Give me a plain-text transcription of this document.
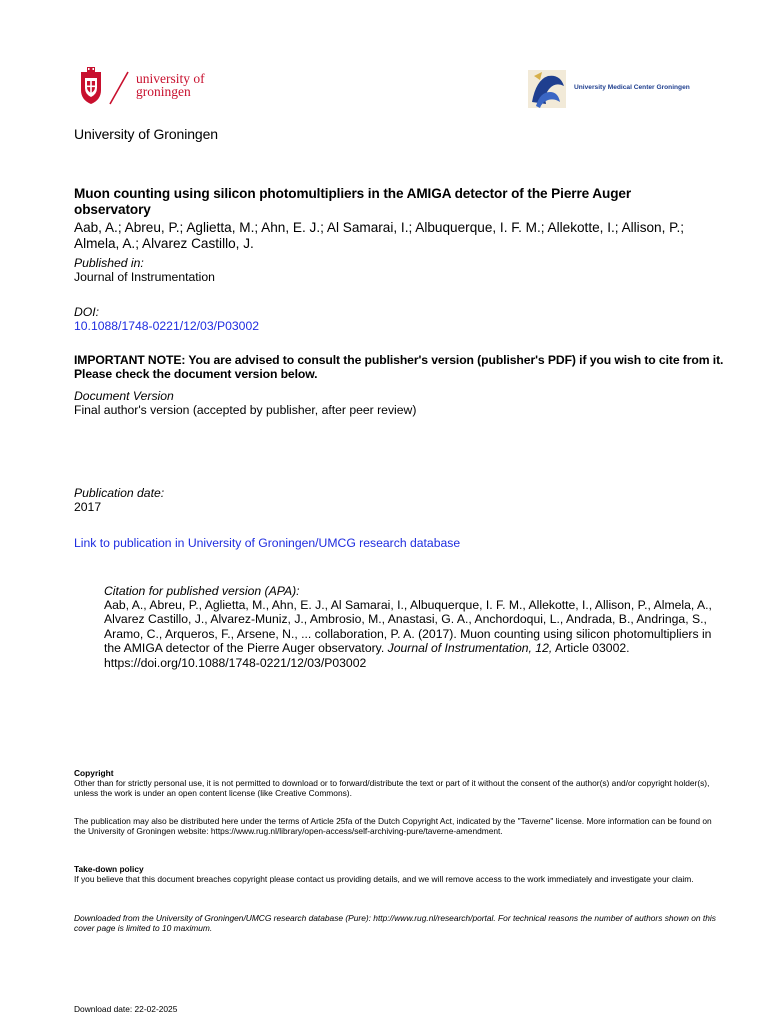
university of
groningen	University Medical Center Groningen
University of Groningen
Muon counting using silicon photomultipliers in the AMIGA detector of the Pierre Auger observatory
Aab, A.; Abreu, P.; Aglietta, M.; Ahn, E. J.; Al Samarai, I.; Albuquerque, I. F. M.; Allekotte, I.; Allison, P.; Almela, A.; Alvarez Castillo, J.
Published in:
Journal of Instrumentation
DOI:
10.1088/1748-0221/12/03/P03002
IMPORTANT NOTE: You are advised to consult the publisher's version (publisher's PDF) if you wish to cite from it. Please check the document version below.
Document Version
Final author's version (accepted by publisher, after peer review)
Publication date:
2017
Link to publication in University of Groningen/UMCG research database
Citation for published version (APA):
Aab, A., Abreu, P., Aglietta, M., Ahn, E. J., Al Samarai, I., Albuquerque, I. F. M., Allekotte, I., Allison, P., Almela, A., Alvarez Castillo, J., Alvarez-Muniz, J., Ambrosio, M., Anastasi, G. A., Anchordoqui, L., Andrada, B., Andringa, S., Aramo, C., Arqueros, F., Arsene, N., ... collaboration, P. A. (2017). Muon counting using silicon photomultipliers in the AMIGA detector of the Pierre Auger observatory. Journal of Instrumentation, 12, Article 03002. https://doi.org/10.1088/1748-0221/12/03/P03002
Copyright
Other than for strictly personal use, it is not permitted to download or to forward/distribute the text or part of it without the consent of the author(s) and/or copyright holder(s), unless the work is under an open content license (like Creative Commons).
The publication may also be distributed here under the terms of Article 25fa of the Dutch Copyright Act, indicated by the "Taverne" license. More information can be found on the University of Groningen website: https://www.rug.nl/library/open-access/self-archiving-pure/taverne-amendment.
Take-down policy
If you believe that this document breaches copyright please contact us providing details, and we will remove access to the work immediately and investigate your claim.
Downloaded from the University of Groningen/UMCG research database (Pure): http://www.rug.nl/research/portal. For technical reasons the number of authors shown on this cover page is limited to 10 maximum.
Download date: 22-02-2025
